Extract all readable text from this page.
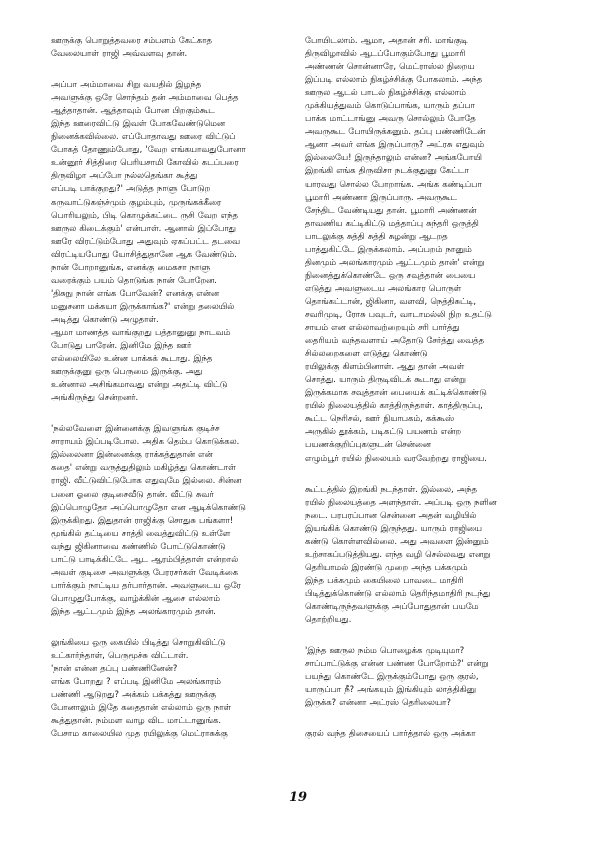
ஊருக்கு பொறுத்தவரை சம்பளம் கேட்காத
வேலையாள் ராஜி அவ்வளவு தான்.
அப்பா அம்மாவை சிறு வயதில் இழந்த
அவளுக்கு ஒரே சொந்தம் தன் அம்மாவை பெத்த
ஆத்தாதான். ஆத்தாவும் போன பிறகும்கூட
இந்த ஊரைவிட்டு இவள் போகவேண்டுமென
நினைக்கவில்லை. எப்போதாவது ஊரை விட்டுப்
போகத் தோணும்போது, 'வேற எங்கயாவதுபோனா
உன்னூர் சித்திரை பெரியசாமி கோவில் கடப்பரை
திருவிழா அப்போ நல்லதெங்கா கூத்து
எப்படி பாக்குறது?' அடுத்த நாளு போடுற
கருவாட்டுகஞ்ச்மும் குழம்பும், முருங்கக்கீரை
பொரியலும், பிடி கொழுக்கட்டை ருசி வேற எந்த
ஊருல கிடைக்கும்' என்பாள். ஆனால் இப்போது
ஊரே விரட்டும்போது அதுவும் ஏகப்பட்ட தடவை
விரட்டியபோது யோசித்துதானே ஆக வேண்டும்.
நான் போறானுங்க, எனக்கு மைகசா நாளு
வரைக்கும் பயம் தொடுங்க நான் போறேன.
'திசுநு நான் எங்க போவேன்? எனக்கு என்ன
மனுசனா மக்கயா இருக்காங்க?' என்று தலையில்
அடித்து கொண்டு அழுதாள்.
ஆமா மாணத்த வாங்குறது பத்தானுனு நாடவம்
போடுது பாரேன். இனிமே இந்த ஊர்
எல்லையிலே உன்ன பாக்கக் கூடாது. இந்த
ஊருக்குனு ஒரு பெருமை இருக்கு. அது
உன்னால அசிங்கமாவது என்று அதட்டி விட்டு
அங்கிருந்து சென்றனர்.
'நல்லவேளை இன்னைக்கு இவளுங்க குடிச்ச
சாராயம் இப்படிபோல. அதிக தெம்ப கொடுக்கல.
இல்லைனா இன்னைக்கு ராக்கத்துதான் என்
கதை' என்று வருத்துதிலும் மகிழ்த்து கொண்டாள்
ராஜி. வீட்டுவிட்டுபோக எதுவுமே இல்லை. சின்ன
பனை ஓலை குடிசைவீடு தான். வீட்டு சுவர்
இப்பொழுதோ அப்பொழுதோ என ஆடிக்கொண்டு
இருக்கிறது. இதுதான் ராஜிக்கு சொதுசு பங்களா!
மூங்கில் தட்டியை சாத்தி வைத்துவிட்டு உள்ளே
வந்து ஜிகினாவை கண்ணில் போட்டுகொண்டு
பாட்டு பாடிக்கிட்டே ஆட ஆரம்பித்தாள் என்றால்
அவள் குடிசை அவளுக்கு பேரரசர்கள் வேடிக்கை
பார்க்கும் நாட்டிய தர்பார்தான். அவளுடைய ஒரே
பொழுதுபோக்கு, வாழ்க்கின் ஆசை எல்லாம்
இந்த ஆட்டமும் இந்த அலங்காரமும் தான்.
லுங்கியை ஒரு கையில் பிடித்து சொறுகிவிட்டு
உட்கார்ந்தாள், பெருமூச்சு விட்டாள்.
'நான் என்ன தப்பு பண்ணினேன்?
எங்க போறது ? எப்படி இனிமே அலங்காரம்
பண்ணி ஆடுறது? அக்கம் பக்கத்து ஊருக்கு
போனாலும் இதே கதைதான் எல்லாம் ஒரு நாள்
கூத்துதான். நம்மள வாழ விட மாட்டானுங்க.
பேசாம காலையில முத ரயிலுக்கு மெட்ராசுக்கு
போயிடலாம். ஆமா, அதான் சரி. மாங்குடி
திருவிழாவில் ஆடப்போகும்போது பூமாரி
அண்ணன் சொன்னாரே, மெட்ராஸ்ல நிறைய
இப்படி எல்லாம் நிகழ்ச்சிக்கு போகலாம். அந்த
ஊருல ஆடல் பாடல் நிகழ்ச்சிக்கு எல்லாம்
முக்கியத்துவம் கொடுப்பாங்க, யாரும் தப்பா
பாக்க மாட்டாங்னு அவரு சொல்லும் போதே
அவருகூட போயிருக்கனும். தப்பு பண்ணிடேன்
ஆனா அவர் எங்க இருப்பாரு? அட்ரசு எதுவும்
இல்லையே! இருந்தாலும் என்ன? அங்கபோயி
இறங்கி எங்க திருவிசா நடக்குதுனு கேட்டா
யாரவது சொல்ல போறாங்க. அங்க கண்டிப்பா
பூமாரி அண்ணா இருப்பாரு. அவருகூட
சேந்திட வேண்டியது தான். பூமாரி அண்ணன்
தாவணிய கட்டிகிட்டு மத்தாப்பு சுந்தரி ஒருத்தி
பாடலுக்கு சுத்தி சுத்தி சுழன்று ஆடறத
பாத்துகிட்டே இருக்கலாம். அப்பறம் நானும்
தினமும் அலங்காரமும் ஆட்டமும் தான்' என்று
நினைத்துக்கொண்டே ஒரு சவுத்தான் பையை
எடுத்து அவளுடைய அலங்கார பொருள்
தொங்கட்டான், ஜிகினா, வளவி, நெத்திசுட்டி,
சவரிமுடி, ரோசு பவுடர், வாடாமல்லி நிற உதட்டு
சாயம் என எல்லாவற்றையும் சரி பார்த்து
தைரியம் வந்தவளாய் அதோடு சேர்த்து வைத்த
சில்லறைகளை எடுத்து கொண்டு
ரயிலுக்கு கிளம்பினாள். ஆது தான் அவள்
சொத்து. யாரும் திருடிவிடக் கூடாது என்று
இருக்கமாக சவுத்தான் பையைக் கட்டிக்கொண்டு
ரயில் நிலையத்தில் காத்திருந்தாள். காத்திருப்பு,
கூட்ட நெரிசல், ஊர் நியாபகம், கக்கூஸ்
அருகில் தூக்கம், படிகட்டு பயணம் என்ற
பயணக்குறிப்புகளுடன் சென்னை
எழும்பூர் ரயில் நிலையம் வரவேற்றது ராஜியை.
கூட்டத்தில் இறங்கி நடந்தாள். இல்லை, அந்த
ரயில் நிலையத்தை அளந்தாள். அப்படி ஒரு நளின
நடை. பரபரப்பான சென்னை அதன் வழியில்
இயங்கிக் கொண்டு இருந்தது. யாரும் ராஜியை
கண்டு கொள்ளவில்லை. அது அவளை இன்னும்
உற்சாகப்படுத்தியது. எந்த வழி செல்லவது எனறு
தெரியாமல் இரண்டு முறை அந்த பக்கமும்
இந்த பக்கமும் கையிலை பாவடை மாதிரி
பிடித்துக்கொண்டு எல்லாம் தெரிந்தமாதிரி நடந்து
கொண்டிருந்தவளுக்கு அப்போதுதான் பயமே
தொற்றியது.
'இந்த ஊருல நம்ம பொழைக்க முடியுமா?
சாப்பாட்டுக்கு என்ன பண்ண போறோம்?' என்று
பயந்து கொண்டே இருக்கும்போது ஒரு குரல்,
யாருப்பா நீ? அங்கயும் இங்கியும் லாத்திகினு
இருக்க? என்னா அட்ரஸ் தெரிலையா?
குரல் வந்த திசையைப் பார்த்தால் ஒரு அக்கா
19
